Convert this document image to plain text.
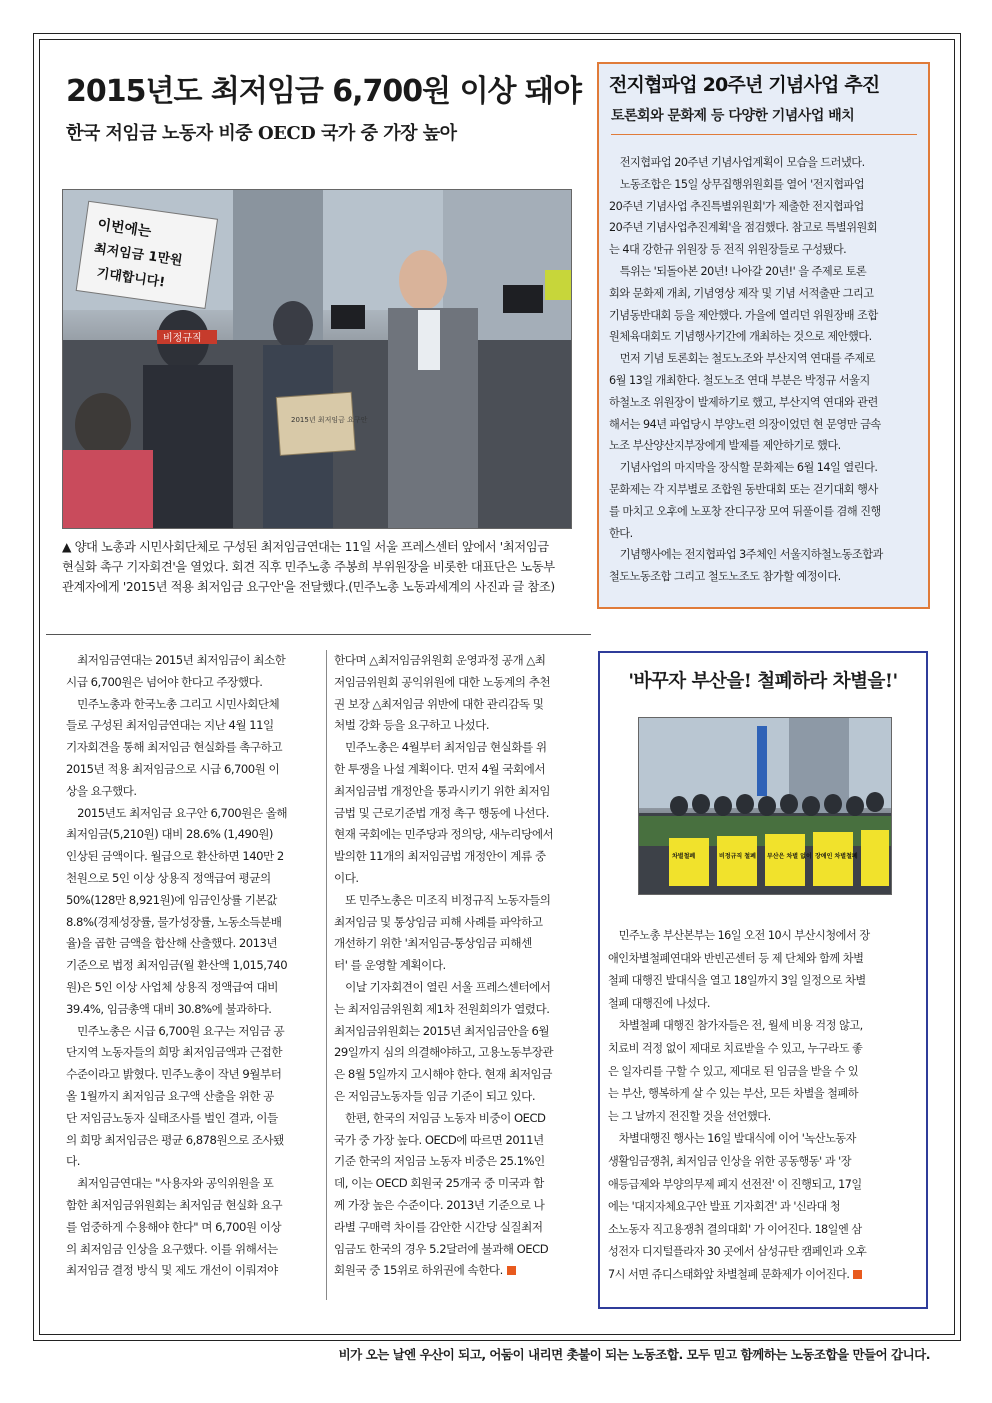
2015년도 최저임금 6,700원 이상 돼야
한국 저임금 노동자 비중 OECD 국가 중 가장 높아
이번에는
최저임금 1만원
기대합니다!
비정규직
2015년 최저임금 요구안
▲ 양대 노총과 시민사회단체로 구성된 최저임금연대는 11일 서울 프레스센터 앞에서 '최저임금
현실화 촉구 기자회견'을 열었다. 회견 직후 민주노총 주봉희 부위원장을 비롯한 대표단은 노동부
관계자에게 '2015년 적용 최저임금 요구안'을 전달했다.(민주노총 노동과세계의 사진과 글 참조)
전지협파업 20주년 기념사업 추진
토론회와 문화제 등 다양한 기념사업 배치
　전지협파업 20주년 기념사업계획이 모습을 드러냈다.
　노동조합은 15일 상무집행위원회를 열어 '전지협파업
20주년 기념사업 추진특별위원회'가 제출한 전지협파업
20주년 기념사업추진계획'을 점검했다. 참고로 특별위원회
는 4대 강한규 위원장 등 전직 위원장들로 구성됐다.
　특위는 '되돌아본 20년! 나아갈 20년!' 을 주제로 토론
회와 문화제 개최, 기념영상 제작 및 기념 서적출판 그리고
기념동반대회 등을 제안했다. 가을에 열리던 위원장배 조합
원체육대회도 기념행사기간에 개최하는 것으로 제안했다.
　먼저 기념 토론회는 철도노조와 부산지역 연대를 주제로
6월 13일 개최한다. 철도노조 연대 부분은 박정규 서울지
하철노조 위원장이 발제하기로 했고, 부산지역 연대와 관련
해서는 94년 파업당시 부양노련 의장이었던 현 문영만 금속
노조 부산양산지부장에게 발제를 제안하기로 했다.
　기념사업의 마지막을 장식할 문화제는 6월 14일 열린다.
문화제는 각 지부별로 조합원 동반대회 또는 걷기대회 행사
를 마치고 오후에 노포창 잔디구장 모여 뒤풀이를 겸해 진행
한다.
　기념행사에는 전지협파업 3주체인 서울지하철노동조합과
철도노동조합 그리고 철도노조도 참가할 예정이다.
　최저임금연대는 2015년 최저임금이 최소한
시급 6,700원은 넘어야 한다고 주장했다.
　민주노총과 한국노총 그리고 시민사회단체
들로 구성된 최저임금연대는 지난 4월 11일
기자회견을 통해 최저임금 현실화를 촉구하고
2015년 적용 최저임금으로 시급 6,700원 이
상을 요구했다.
　2015년도 최저임금 요구안 6,700원은 올해
최저임금(5,210원) 대비 28.6% (1,490원)
인상된 금액이다. 월급으로 환산하면 140만 2
천원으로 5인 이상 상용직 정액급여 평균의
50%(128만 8,921원)에 임금인상률 기본값
8.8%(경제성장률, 물가성장률, 노동소득분배
율)을 곱한 금액을 합산해 산출했다. 2013년
기준으로 법정 최저임금(월 환산액 1,015,740
원)은 5인 이상 사업체 상용직 정액급여 대비
39.4%, 임금총액 대비 30.8%에 불과하다.
　민주노총은 시급 6,700원 요구는 저임금 공
단지역 노동자들의 희망 최저임금액과 근접한
수준이라고 밝혔다. 민주노총이 작년 9월부터
올 1월까지 최저임금 요구액 산출을 위한 공
단 저임금노동자 실태조사를 벌인 결과, 이들
의 희망 최저임금은 평균 6,878원으로 조사됐
다.
　최저임금연대는 "사용자와 공익위원을 포
함한 최저임금위원회는 최저임금 현실화 요구
를 엄중하게 수용해야 한다" 며 6,700원 이상
의 최저임금 인상을 요구했다. 이를 위해서는
최저임금 결정 방식 및 제도 개선이 이뤄져야
한다며 △최저임금위원회 운영과정 공개 △최
저임금위원회 공익위원에 대한 노동계의 추천
권 보장 △최저임금 위반에 대한 관리감독 및
처벌 강화 등을 요구하고 나섰다.
　민주노총은 4월부터 최저임금 현실화를 위
한 투쟁을 나설 계획이다. 먼저 4월 국회에서
최저임금법 개정안을 통과시키기 위한 최저임
금법 및 근로기준법 개정 촉구 행동에 나선다.
현재 국회에는 민주당과 정의당, 새누리당에서
발의한 11개의 최저임금법 개정안이 계류 중
이다.
　또 민주노총은 미조직 비정규직 노동자들의
최저임금 및 통상임금 피해 사례를 파악하고
개선하기 위한 '최저임금-통상임금 피해센
터' 를 운영할 계획이다.
　이날 기자회견이 열린 서울 프레스센터에서
는 최저임금위원회 제1차 전원회의가 열렸다.
최저임금위원회는 2015년 최저임금안을 6월
29일까지 심의 의결해야하고, 고용노동부장관
은 8월 5일까지 고시해야 한다. 현재 최저임금
은 저임금노동자들 임금 기준이 되고 있다.
　한편, 한국의 저임금 노동자 비중이 OECD
국가 중 가장 높다. OECD에 따르면 2011년
기준 한국의 저임금 노동자 비중은 25.1%인
데, 이는 OECD 회원국 25개국 중 미국과 함
께 가장 높은 수준이다. 2013년 기준으로 나
라별 구매력 차이를 감안한 시간당 실질최저
임금도 한국의 경우 5.2달러에 불과해 OECD
회원국 중 15위로 하위권에 속한다.
'바꾸자 부산을! 철폐하라 차별을!'
차별철폐	비정규직 철폐 부산은 차별 없이 장애인 차별철폐
　민주노총 부산본부는 16일 오전 10시 부산시청에서 장
애인차별철폐연대와 반빈곤센터 등 제 단체와 함께 차별
철폐 대행진 발대식을 열고 18일까지 3일 일정으로 차별
철폐 대행진에 나섰다.
　차별철폐 대행진 참가자들은 전, 월세 비용 걱정 않고,
치료비 걱정 없이 제대로 치료받을 수 있고, 누구라도 좋
은 일자리를 구할 수 있고, 제대로 된 임금을 받을 수 있
는 부산, 행복하게 살 수 있는 부산, 모든 차별을 철폐하
는 그 날까지 전진할 것을 선언했다.
　차별대행진 행사는 16일 발대식에 이어 '녹산노동자
생활임금쟁취, 최저임금 인상을 위한 공동행동' 과 '장
애등급제와 부양의무제 폐지 선전전' 이 진행되고, 17일
에는 '대지자체요구안 발표 기자회견' 과 '신라대 청
소노동자 직고용쟁취 결의대회' 가 이어진다. 18일엔 삼
성전자 디지털플라자 30 곳에서 삼성규탄 캠페인과 오후
7시 서면 쥬디스태화앞 차별철폐 문화제가 이어진다.

비가 오는 날엔 우산이 되고, 어둠이 내리면 촛불이 되는 노동조합. 모두 믿고 함께하는 노동조합을 만들어 갑니다.
